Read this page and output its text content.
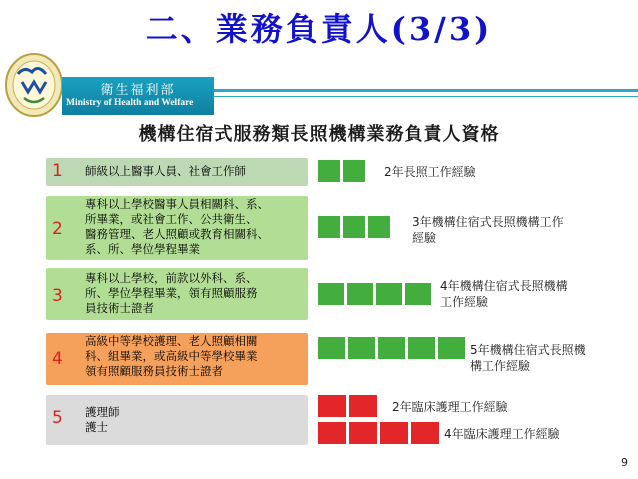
二、業務負責人(3/3)
衛生福利部
Ministry of Health and Welfare
機構住宿式服務類長照機構業務負責人資格
1 師級以上醫事人員、社會工作師	2年長照工作經驗
2
專科以上學校醫事人員相關科、系、
所畢業，或社會工作、公共衛生、
醫務管理、老人照顧或教育相關科、
系、所、學位學程畢業
3年機構住宿式長照機構工作
經驗
3
專科以上學校，前款以外科、系、
所、學位學程畢業，領有照顧服務
員技術士證者
4年機構住宿式長照機構
工作經驗
4
高級中等學校護理、老人照顧相關
科、組畢業，或高級中等學校畢業
領有照顧服務員技術士證者
5年機構住宿式長照機
構工作經驗
5 護理師
護士
2年臨床護理工作經驗
4年臨床護理工作經驗
9
